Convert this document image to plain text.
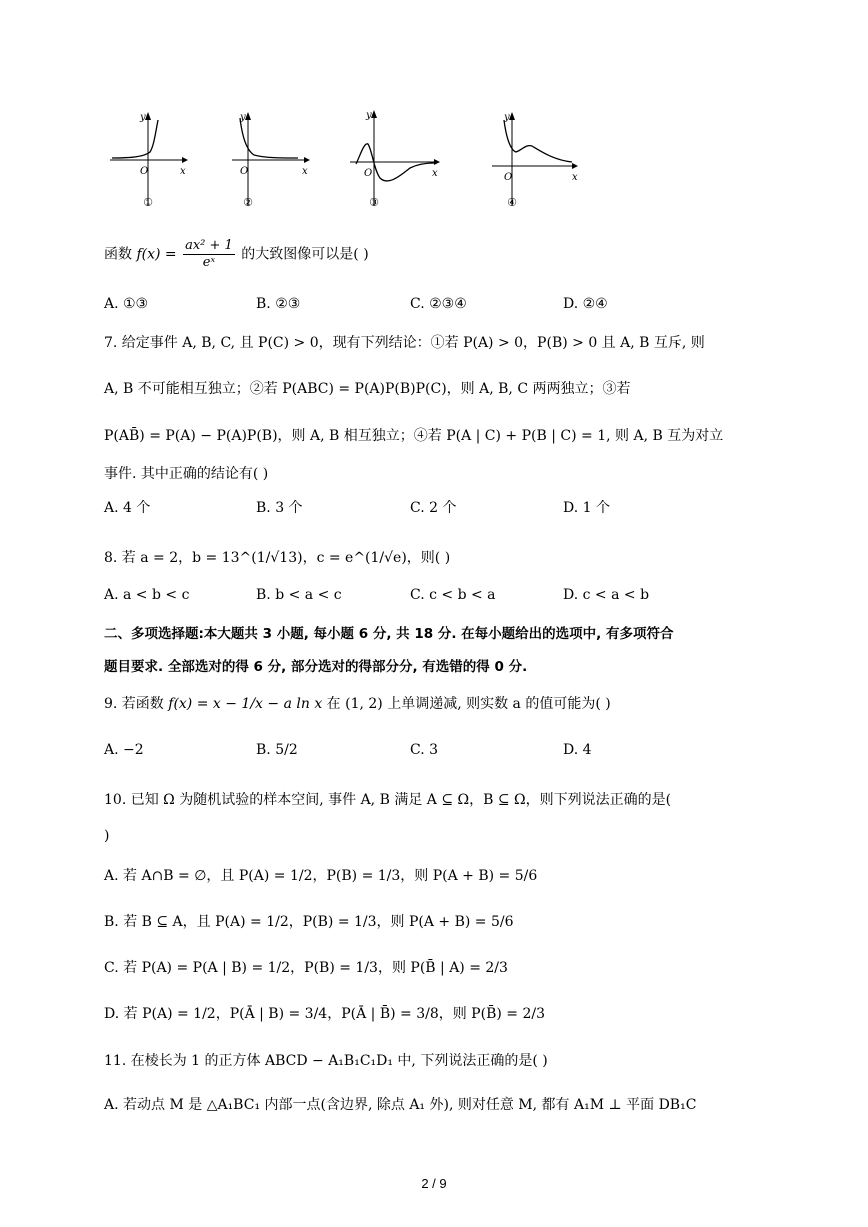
y
x
O
①
y
x
O
②
y
x
O
③
y
x
O
④
函数 $f(x) = \frac{\text{ax² + 1}}{\text{eˣ}}$ 的大致图像可以是( )
A. ①③	B. ②③	C. ②③④	D. ②④
7. 给定事件 A, B, C, 且 P(C) > 0，现有下列结论：①若 P(A) > 0，P(B) > 0 且 A, B 互斥, 则
A, B 不可能相互独立；②若 P(ABC) = P(A)P(B)P(C)，则 A, B, C 两两独立；③若
P(AB̄) = P(A) − P(A)P(B)，则 A, B 相互独立；④若 P(A | C) + P(B | C) = 1, 则 A, B 互为对立
事件. 其中正确的结论有( )
A. 4 个	B. 3 个	C. 2 个	D. 1 个
8. 若 a = 2，b = 13^(1/√13)，c = e^(1/√e)，则( )
A. a < b < c	B. b < a < c	C. c < b < a	D. c < a < b
二、多项选择题:本大题共 3 小题, 每小题 6 分, 共 18 分. 在每小题给出的选项中, 有多项符合
题目要求. 全部选对的得 6 分, 部分选对的得部分分, 有选错的得 0 分.
9. 若函数 f(x) = x − 1/x − a ln x 在 (1, 2) 上单调递减, 则实数 a 的值可能为( )
A. −2	B. 5/2	C. 3	D. 4
10. 已知 Ω 为随机试验的样本空间, 事件 A, B 满足 A ⊆ Ω，B ⊆ Ω，则下列说法正确的是(
)
A. 若 A∩B = ∅，且 P(A) = 1/2，P(B) = 1/3，则 P(A + B) = 5/6
B. 若 B ⊆ A，且 P(A) = 1/2，P(B) = 1/3，则 P(A + B) = 5/6
C. 若 P(A) = P(A | B) = 1/2，P(B) = 1/3，则 P(B̄ | A) = 2/3
D. 若 P(A) = 1/2，P(Ā | B) = 3/4，P(Ā | B̄) = 3/8，则 P(B̄) = 2/3
11. 在棱长为 1 的正方体 ABCD − A₁B₁C₁D₁ 中, 下列说法正确的是( )
A. 若动点 M 是 △A₁BC₁ 内部一点(含边界, 除点 A₁ 外), 则对任意 M, 都有 A₁M ⊥ 平面 DB₁C
2 / 9
